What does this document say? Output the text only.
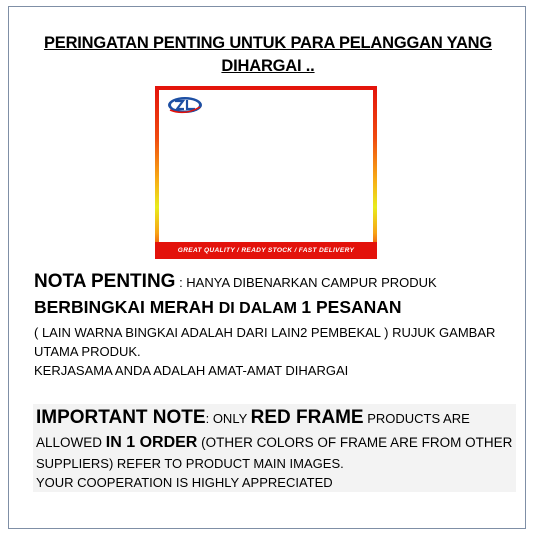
PERINGATAN PENTING UNTUK PARA PELANGGAN YANG DIHARGAI ..
GREAT QUALITY / READY STOCK / FAST DELIVERY
NOTA PENTING : HANYA DIBENARKAN CAMPUR PRODUK
BERBINGKAI MERAH DI DALAM 1 PESANAN
( LAIN WARNA BINGKAI ADALAH DARI LAIN2 PEMBEKAL ) RUJUK GAMBAR UTAMA PRODUK.
KERJASAMA ANDA ADALAH AMAT-AMAT DIHARGAI
IMPORTANT NOTE: ONLY RED FRAME PRODUCTS ARE
ALLOWED IN 1 ORDER (OTHER COLORS OF FRAME ARE FROM OTHER
SUPPLIERS) REFER TO PRODUCT MAIN IMAGES.
YOUR COOPERATION IS HIGHLY APPRECIATED
